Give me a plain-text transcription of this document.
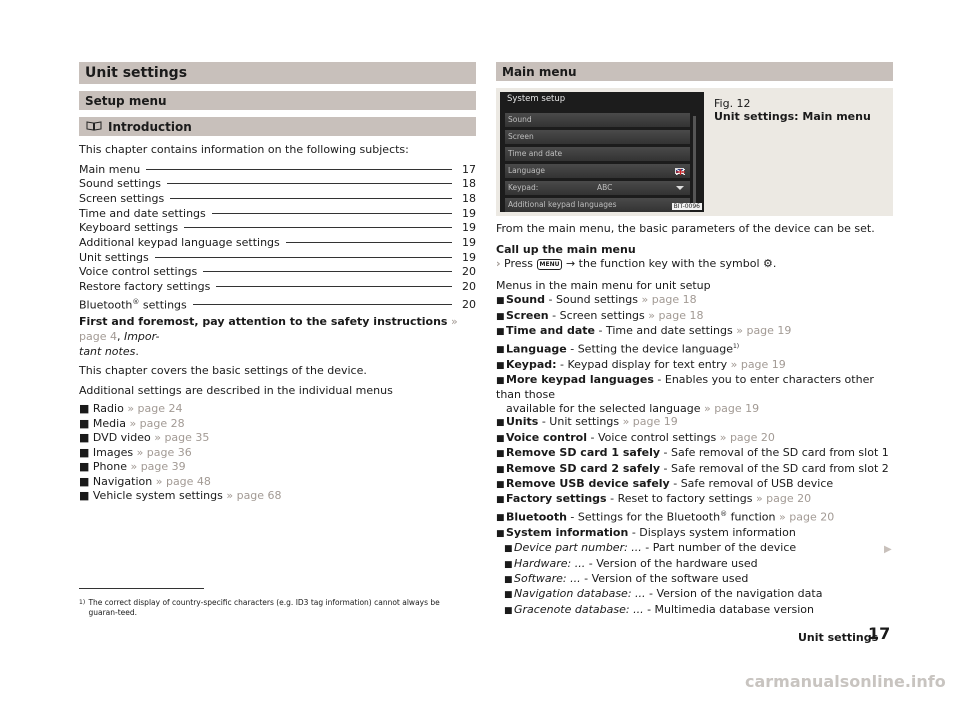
Unit settings
Setup menu
Introduction
This chapter contains information on the following subjects:
Main menu	17
Sound settings	18
Screen settings	18
Time and date settings	19
Keyboard settings	19
Additional keypad language settings	19
Unit settings	19
Voice control settings	20
Restore factory settings	20
Bluetooth® settings	20
First and foremost, pay attention to the safety instructions » page 4, Impor-
tant notes.
This chapter covers the basic settings of the device.
Additional settings are described in the individual menus
■ Radio » page 24
■ Media » page 28
■ DVD video » page 35
■ Images » page 36
■ Phone » page 39
■ Navigation » page 48
■ Vehicle system settings » page 68
Main menu
System setup
Sound
Screen
Time and date
Language
Keypad:	ABC
Additional keypad languages	BIT-0096
Fig. 12
Unit settings: Main menu
From the main menu, the basic parameters of the device can be set.
Call up the main menu
› Press MENU → the function key with the symbol ⚙.
Menus in the main menu for unit setup
■Sound - Sound settings » page 18
■Screen - Screen settings » page 18
■Time and date - Time and date settings » page 19
■Language - Setting the device language$^{1)}$
■Keypad: - Keypad display for text entry » page 19
■More keypad languages - Enables you to enter characters other than those
available for the selected language » page 19
■Units - Unit settings » page 19
■Voice control - Voice control settings » page 20
■Remove SD card 1 safely - Safe removal of the SD card from slot 1
■Remove SD card 2 safely - Safe removal of the SD card from slot 2
■Remove USB device safely - Safe removal of USB device
■Factory settings - Reset to factory settings » page 20
■Bluetooth - Settings for the Bluetooth® function » page 20
■System information - Displays system information
■Device part number: ... - Part number of the device
■Hardware: ... - Version of the hardware used
■Software: ... - Version of the software used
■Navigation database: ... - Version of the navigation data
■Gracenote database: ... - Multimedia database version
▶
1) The correct display of country-specific characters (e.g. ID3 tag information) cannot always be guaran-teed.
Unit settings
17
carmanualsonline.info
